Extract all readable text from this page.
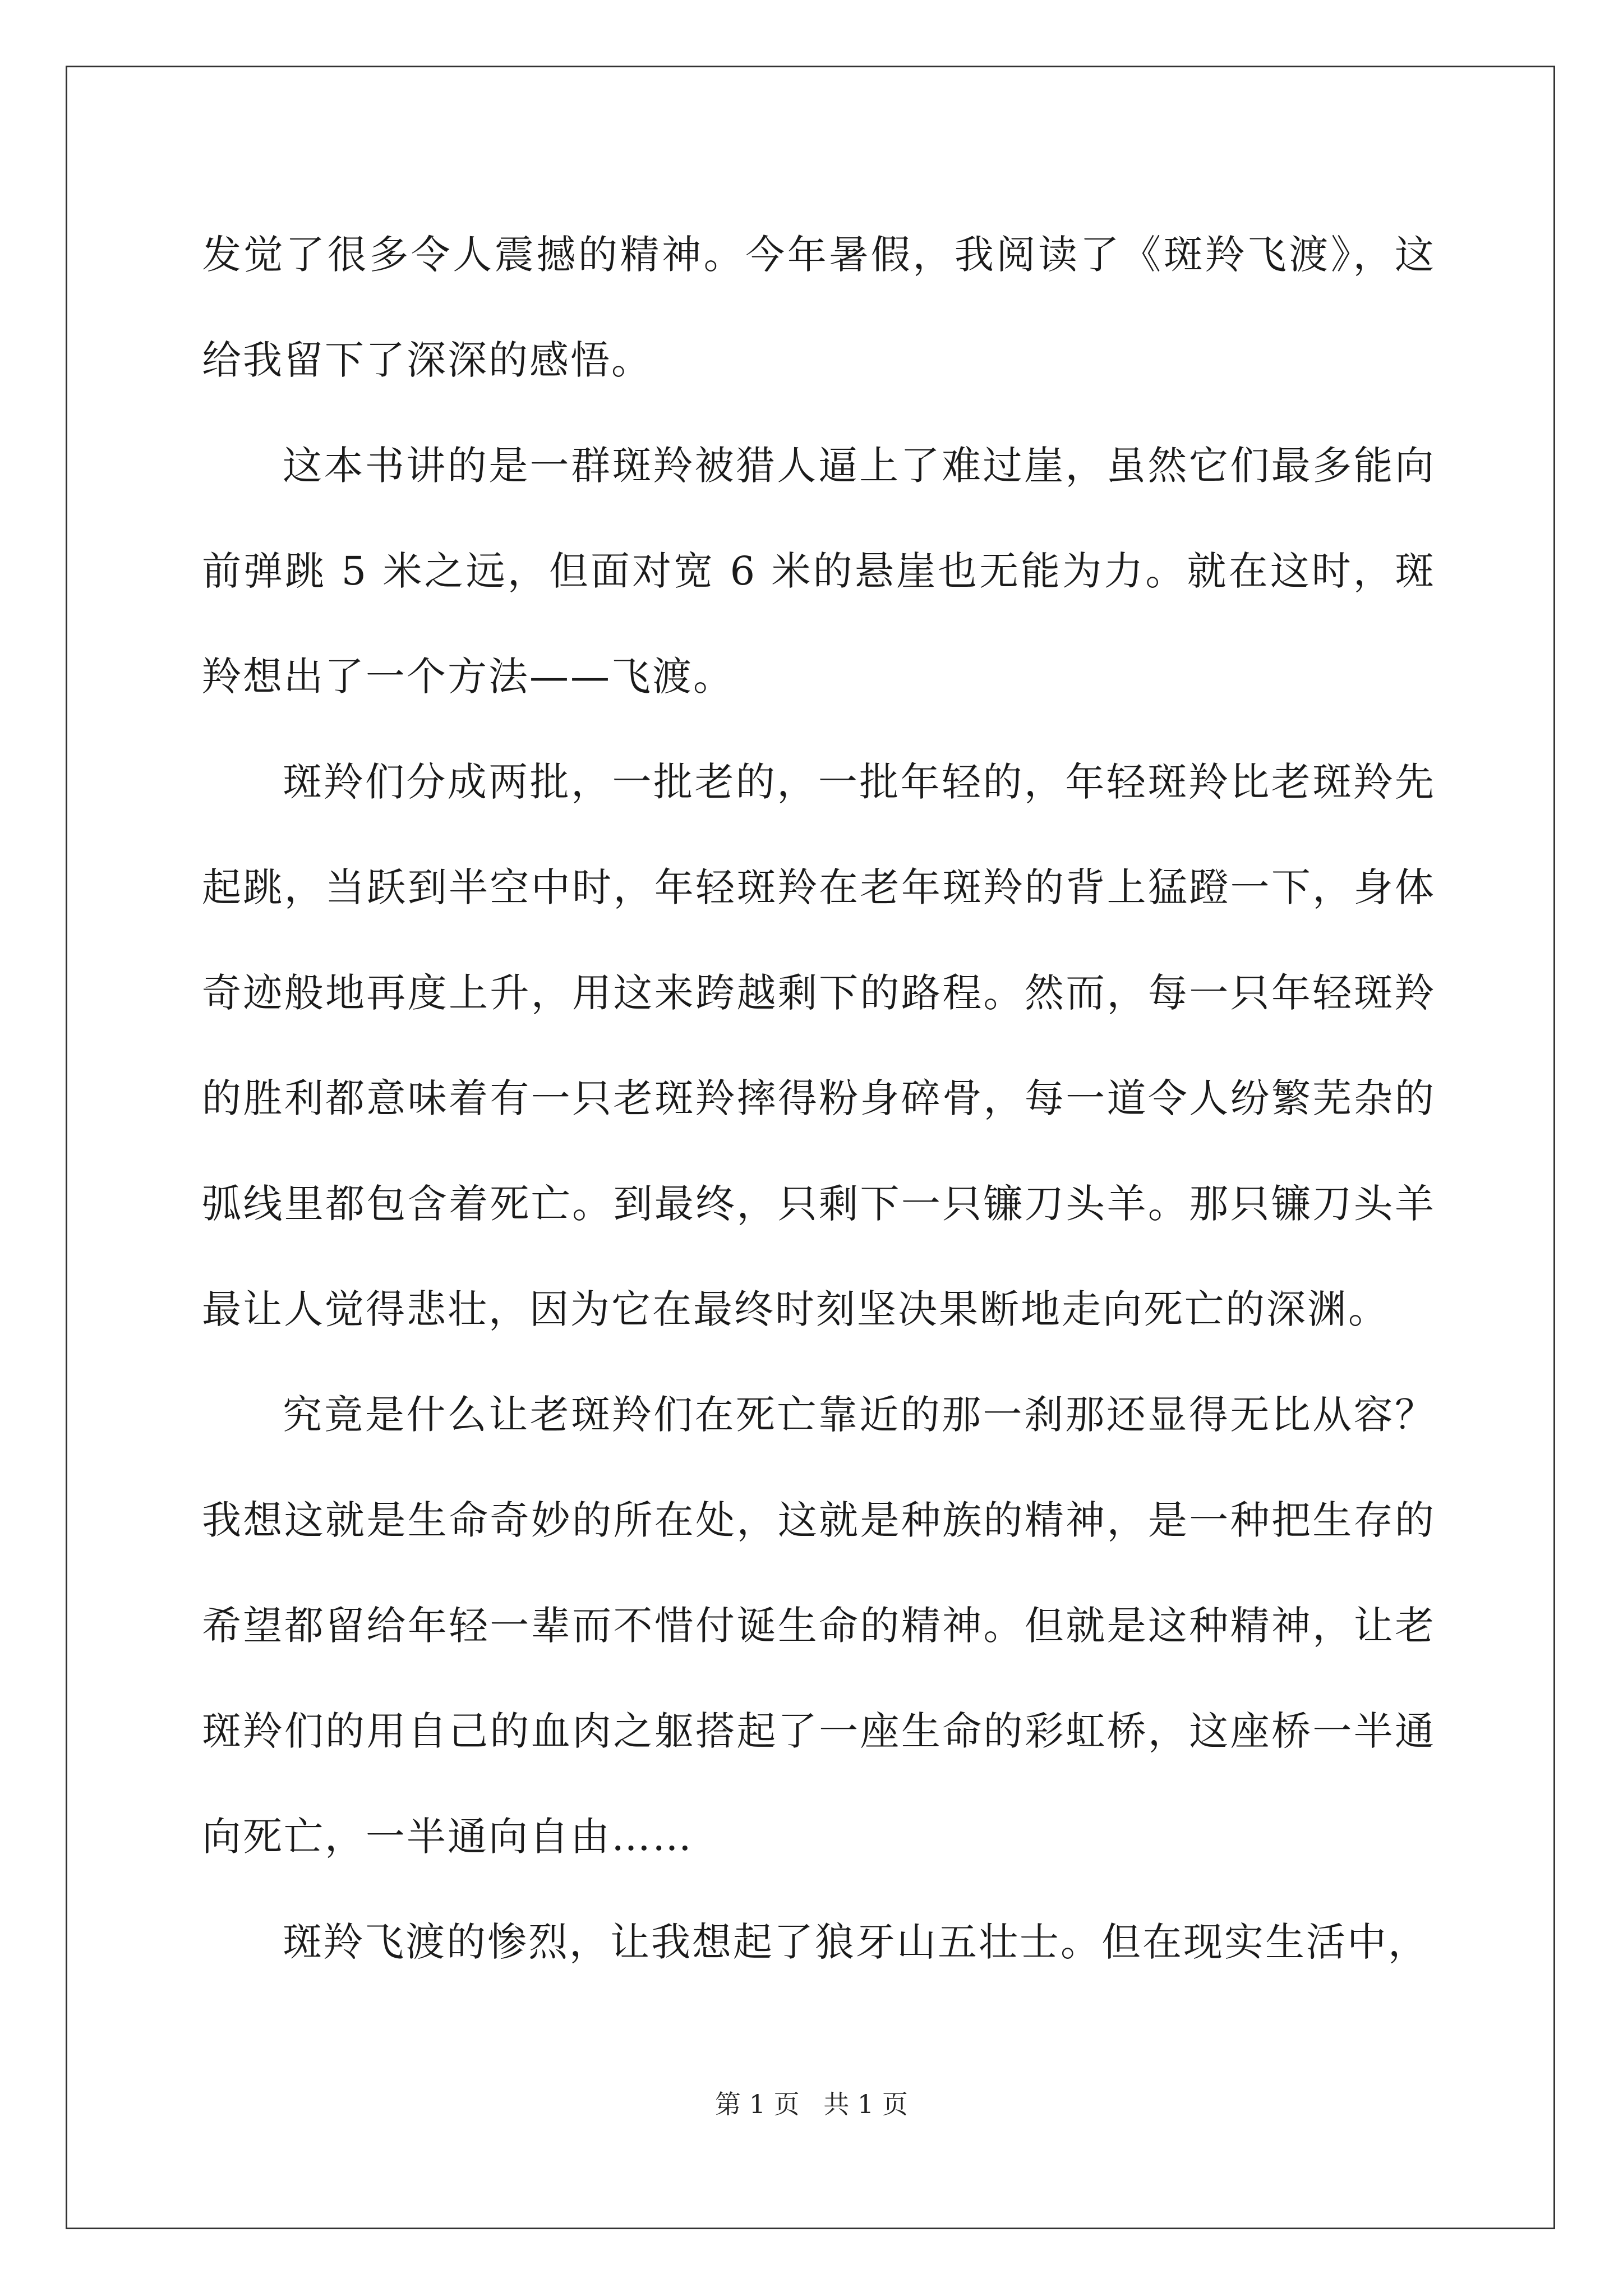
发觉了很多令人震撼的精神。今年暑假，我阅读了《斑羚飞渡》，这给我留下了深深的感悟。

这本书讲的是一群斑羚被猎人逼上了难过崖，虽然它们最多能向前弹跳 5 米之远，但面对宽 6 米的悬崖也无能为力。就在这时，斑羚想出了一个方法——飞渡。

斑羚们分成两批，一批老的，一批年轻的，年轻斑羚比老斑羚先起跳，当跃到半空中时，年轻斑羚在老年斑羚的背上猛蹬一下，身体奇迹般地再度上升，用这来跨越剩下的路程。然而，每一只年轻斑羚的胜利都意味着有一只老斑羚摔得粉身碎骨，每一道令人纷繁芜杂的弧线里都包含着死亡。到最终，只剩下一只镰刀头羊。那只镰刀头羊最让人觉得悲壮，因为它在最终时刻坚决果断地走向死亡的深渊。

究竟是什么让老斑羚们在死亡靠近的那一刹那还显得无比从容？我想这就是生命奇妙的所在处，这就是种族的精神，是一种把生存的希望都留给年轻一辈而不惜付诞生命的精神。但就是这种精神，让老斑羚们的用自己的血肉之躯搭起了一座生命的彩虹桥，这座桥一半通向死亡，一半通向自由……

斑羚飞渡的惨烈，让我想起了狼牙山五壮士。但在现实生活中，

第 1 页 共 1 页
